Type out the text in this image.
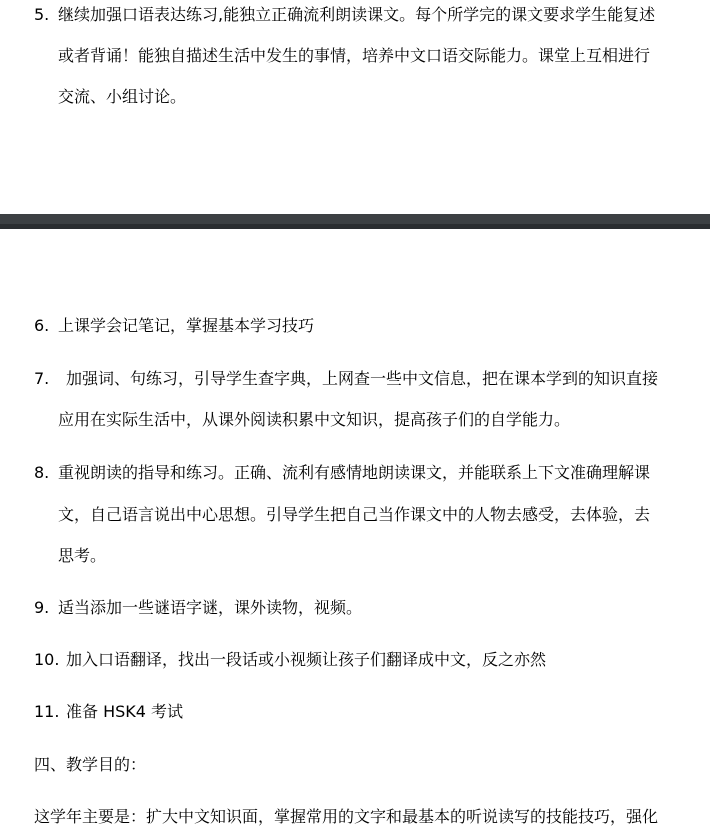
5. 继续加强口语表达练习,能独立正确流利朗读课文。每个所学完的课文要求学生能复述
或者背诵！能独自描述生活中发生的事情，培养中文口语交际能力。课堂上互相进行
交流、小组讨论。
6. 上课学会记笔记，掌握基本学习技巧
7. 加强词、句练习，引导学生查字典，上网查一些中文信息，把在课本学到的知识直接
应用在实际生活中，从课外阅读积累中文知识，提高孩子们的自学能力。
8. 重视朗读的指导和练习。正确、流利有感情地朗读课文，并能联系上下文准确理解课
文，自己语言说出中心思想。引导学生把自己当作课文中的人物去感受，去体验，去
思考。
9. 适当添加一些谜语字谜，课外读物，视频。
10. 加入口语翻译，找出一段话或小视频让孩子们翻译成中文，反之亦然
11. 准备 HSK4 考试
四、教学目的：
这学年主要是：扩大中文知识面，掌握常用的文字和最基本的听说读写的技能技巧，强化
